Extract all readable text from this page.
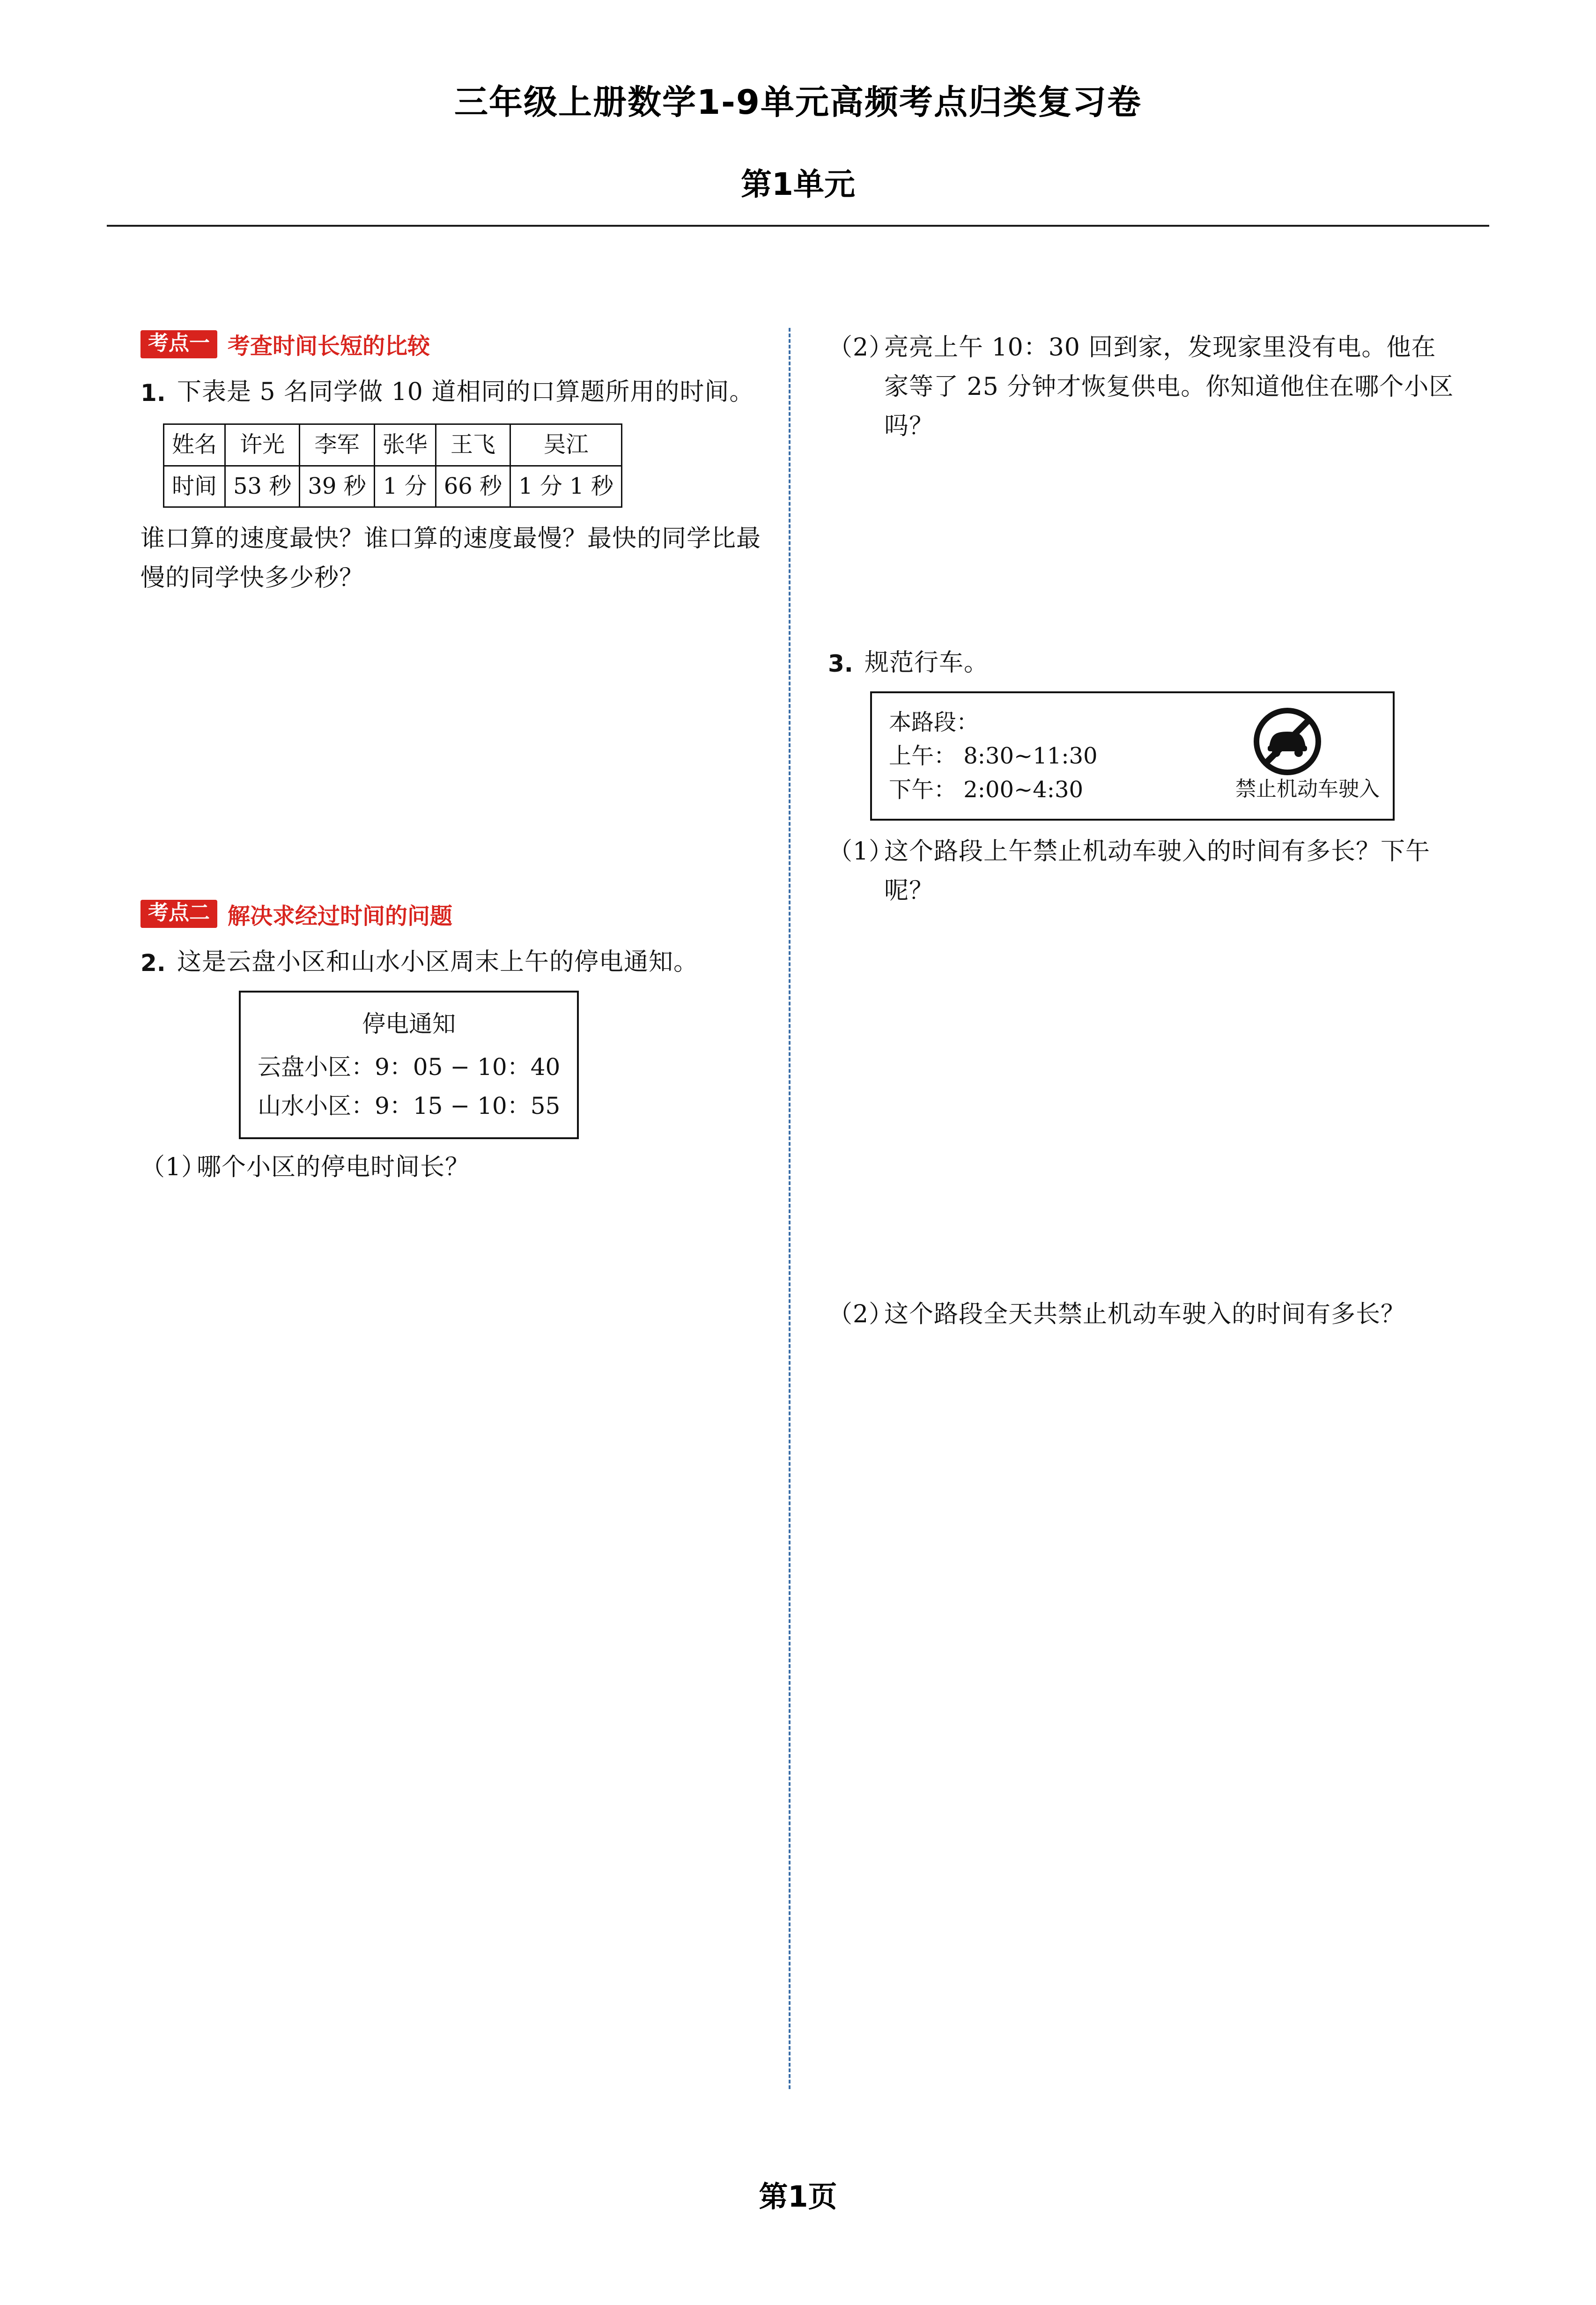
三年级上册数学1-9单元高频考点归类复习卷
第1单元
考点一 考查时间长短的比较
1. 下表是 5 名同学做 10 道相同的口算题所用的时间。
姓名	许光	李军	张华	王飞	吴江
时间	53 秒	39 秒	1 分	66 秒	1 分 1 秒
谁口算的速度最快？谁口算的速度最慢？最快的同学比最慢的同学快多少秒？
考点二 解决求经过时间的问题
2. 这是云盘小区和山水小区周末上午的停电通知。
停电通知
云盘小区：9：05 − 10：40
山水小区：9：15 − 10：55
（1）
哪个小区的停电时间长？
（2）
亮亮上午 10：30 回到家，发现家里没有电。他在家等了 25 分钟才恢复供电。你知道他住在哪个小区吗？
3. 规范行车。
本路段：
上午： 8:30~11:30
下午： 2:00~4:30	禁止机动车驶入
（1）
这个路段上午禁止机动车驶入的时间有多长？下午呢？
（2）
这个路段全天共禁止机动车驶入的时间有多长？
第1页
